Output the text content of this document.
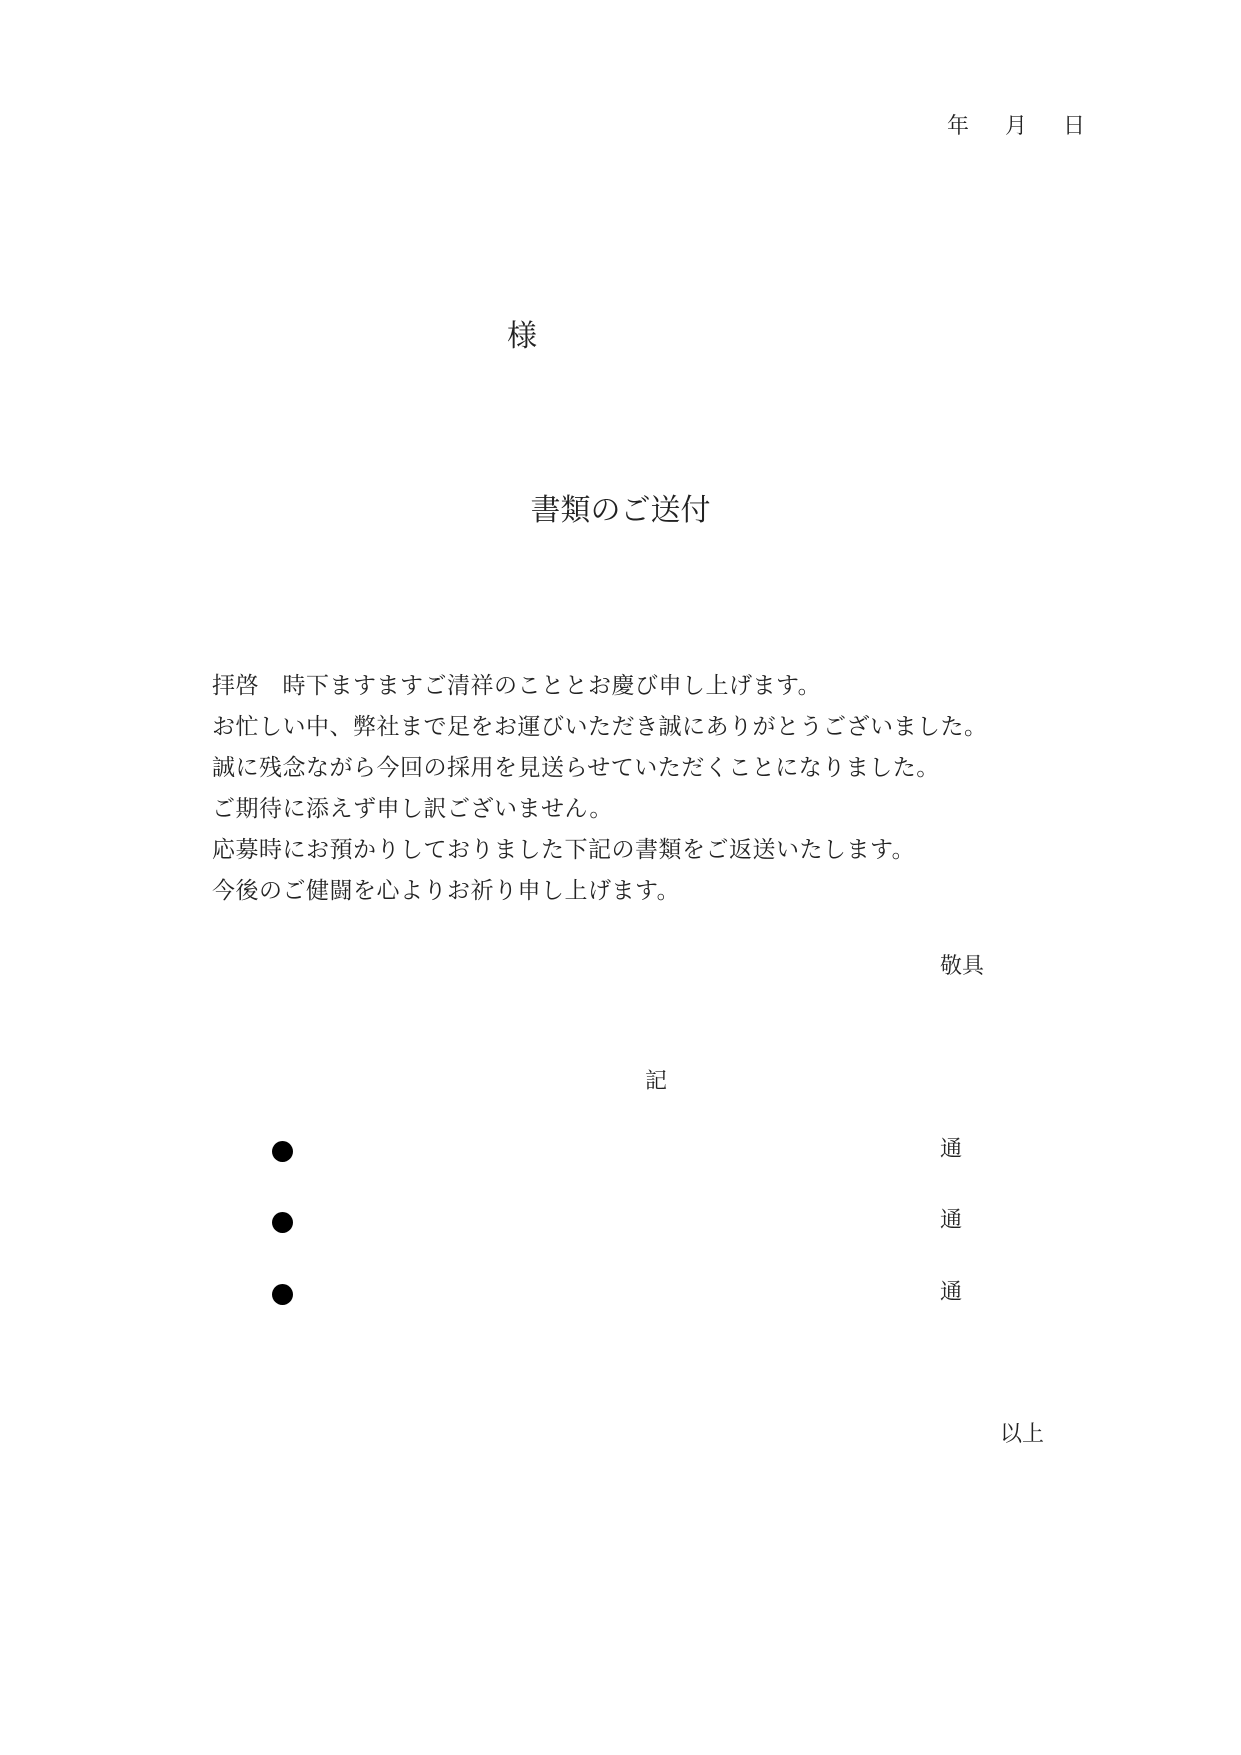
年 月 日
様
書類のご送付
拝啓　時下ますますご清祥のこととお慶び申し上げます。
お忙しい中、弊社まで足をお運びいただき誠にありがとうございました。
誠に残念ながら今回の採用を見送らせていただくことになりました。
ご期待に添えず申し訳ございません。
応募時にお預かりしておりました下記の書類をご返送いたします。
今後のご健闘を心よりお祈り申し上げます。
敬具
記
通
通
通
以上
